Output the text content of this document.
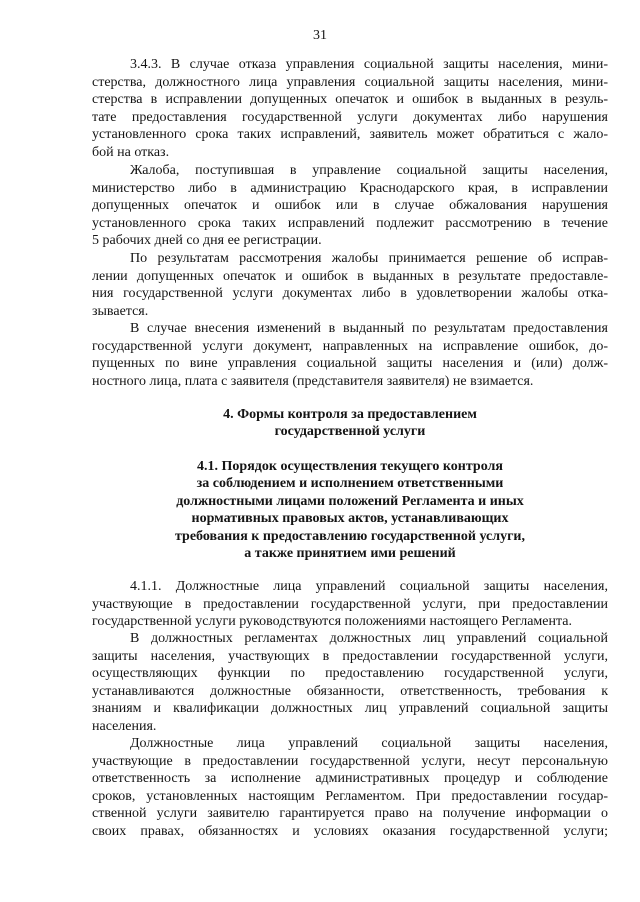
31
3.4.3. В случае отказа управления социальной защиты населения, мини-
стерства, должностного лица управления социальной защиты населения, мини-
стерства в исправлении допущенных опечаток и ошибок в выданных в резуль-
тате предоставления государственной услуги документах либо нарушения
установленного срока таких исправлений, заявитель может обратиться с жало-
бой на отказ.
Жалоба, поступившая в управление социальной защиты населения,
министерство либо в администрацию Краснодарского края, в исправлении
допущенных опечаток и ошибок или в случае обжалования нарушения
установленного срока таких исправлений подлежит рассмотрению в течение
5 рабочих дней со дня ее регистрации.
По результатам рассмотрения жалобы принимается решение об исправ-
лении допущенных опечаток и ошибок в выданных в результате предоставле-
ния государственной услуги документах либо в удовлетворении жалобы отка-
зывается.
В случае внесения изменений в выданный по результатам предоставления
государственной услуги документ, направленных на исправление ошибок, до-
пущенных по вине управления социальной защиты населения и (или) долж-
ностного лица, плата с заявителя (представителя заявителя) не взимается.
4. Формы контроля за предоставлением
государственной услуги
4.1. Порядок осуществления текущего контроля
за соблюдением и исполнением ответственными
должностными лицами положений Регламента и иных
нормативных правовых актов, устанавливающих
требования к предоставлению государственной услуги,
а также принятием ими решений
4.1.1. Должностные лица управлений социальной защиты населения,
участвующие в предоставлении государственной услуги, при предоставлении
государственной услуги руководствуются положениями настоящего Регламента.
В должностных регламентах должностных лиц управлений социальной
защиты населения, участвующих в предоставлении государственной услуги,
осуществляющих функции по предоставлению государственной услуги,
устанавливаются должностные обязанности, ответственность, требования к
знаниям и квалификации должностных лиц управлений социальной защиты
населения.
Должностные лица управлений социальной защиты населения,
участвующие в предоставлении государственной услуги, несут персональную
ответственность за исполнение административных процедур и соблюдение
сроков, установленных настоящим Регламентом. При предоставлении государ-
ственной услуги заявителю гарантируется право на получение информации о
своих правах, обязанностях и условиях оказания государственной услуги;
